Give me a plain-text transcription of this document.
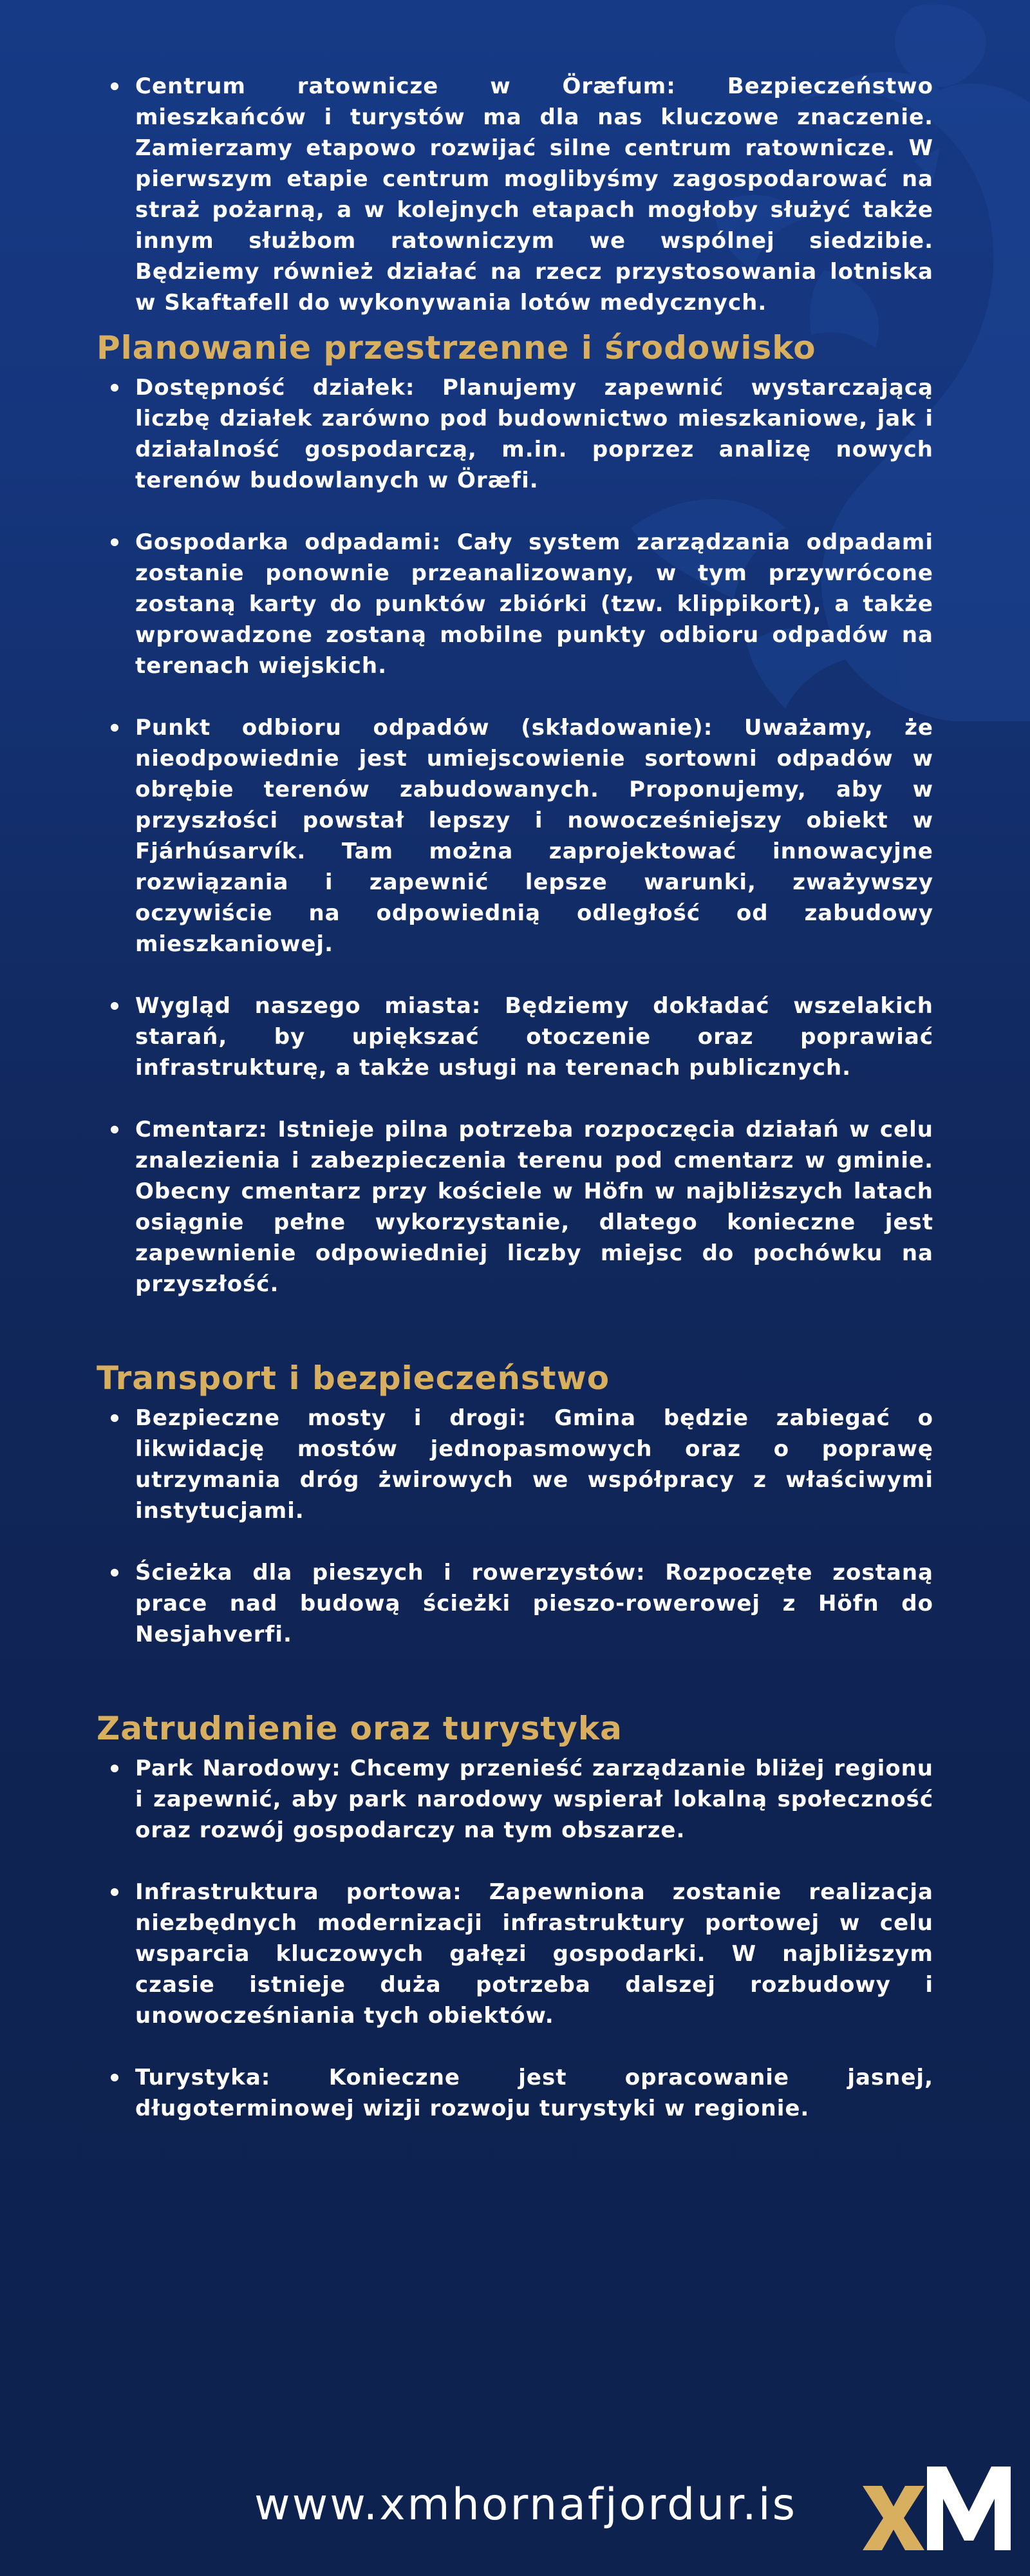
Centrum ratownicze w Öræfum: Bezpieczeństwo mieszkańców i turystów ma dla nas kluczowe znaczenie. Zamierzamy etapowo rozwijać silne centrum ratownicze. W pierwszym etapie centrum moglibyśmy zagospodarować na straż pożarną, a w kolejnych etapach mogłoby służyć także innym służbom ratowniczym we wspólnej siedzibie. Będziemy również działać na rzecz przystosowania lotniska w Skaftafell do wykonywania lotów medycznych.
Planowanie przestrzenne i środowisko
Dostępność działek: Planujemy zapewnić wystarczającą liczbę działek zarówno pod budownictwo mieszkaniowe, jak i działalność gospodarczą, m.in. poprzez analizę nowych terenów budowlanych w Öræfi.
Gospodarka odpadami: Cały system zarządzania odpadami zostanie ponownie przeanalizowany, w tym przywrócone zostaną karty do punktów zbiórki (tzw. klippikort), a także wprowadzone zostaną mobilne punkty odbioru odpadów na terenach wiejskich.
Punkt odbioru odpadów (składowanie): Uważamy, że nieodpowiednie jest umiejscowienie sortowni odpadów w obrębie terenów zabudowanych. Proponujemy, aby w przyszłości powstał lepszy i nowocześniejszy obiekt w Fjárhúsarvík. Tam można zaprojektować innowacyjne rozwiązania i zapewnić lepsze warunki, zważywszy oczywiście na odpowiednią odległość od zabudowy mieszkaniowej.
Wygląd naszego miasta: Będziemy dokładać wszelakich starań, by upiększać otoczenie oraz poprawiać infrastrukturę, a także usługi na terenach publicznych.
Cmentarz: Istnieje pilna potrzeba rozpoczęcia działań w celu znalezienia i zabezpieczenia terenu pod cmentarz w gminie. Obecny cmentarz przy kościele w Höfn w najbliższych latach osiągnie pełne wykorzystanie, dlatego konieczne jest zapewnienie odpowiedniej liczby miejsc do pochówku na przyszłość.
Transport i bezpieczeństwo
Bezpieczne mosty i drogi: Gmina będzie zabiegać o likwidację mostów jednopasmowych oraz o poprawę utrzymania dróg żwirowych we współpracy z właściwymi instytucjami.
Ścieżka dla pieszych i rowerzystów: Rozpoczęte zostaną prace nad budową ścieżki pieszo-rowerowej z Höfn do Nesjahverfi.
Zatrudnienie oraz turystyka
Park Narodowy: Chcemy przenieść zarządzanie bliżej regionu i zapewnić, aby park narodowy wspierał lokalną społeczność oraz rozwój gospodarczy na tym obszarze.
Infrastruktura portowa: Zapewniona zostanie realizacja niezbędnych modernizacji infrastruktury portowej w celu wsparcia kluczowych gałęzi gospodarki. W najbliższym czasie istnieje duża potrzeba dalszej rozbudowy i unowocześniania tych obiektów.
Turystyka: Konieczne jest opracowanie jasnej, długoterminowej wizji rozwoju turystyki w regionie.
www.xmhornafjordur.is
